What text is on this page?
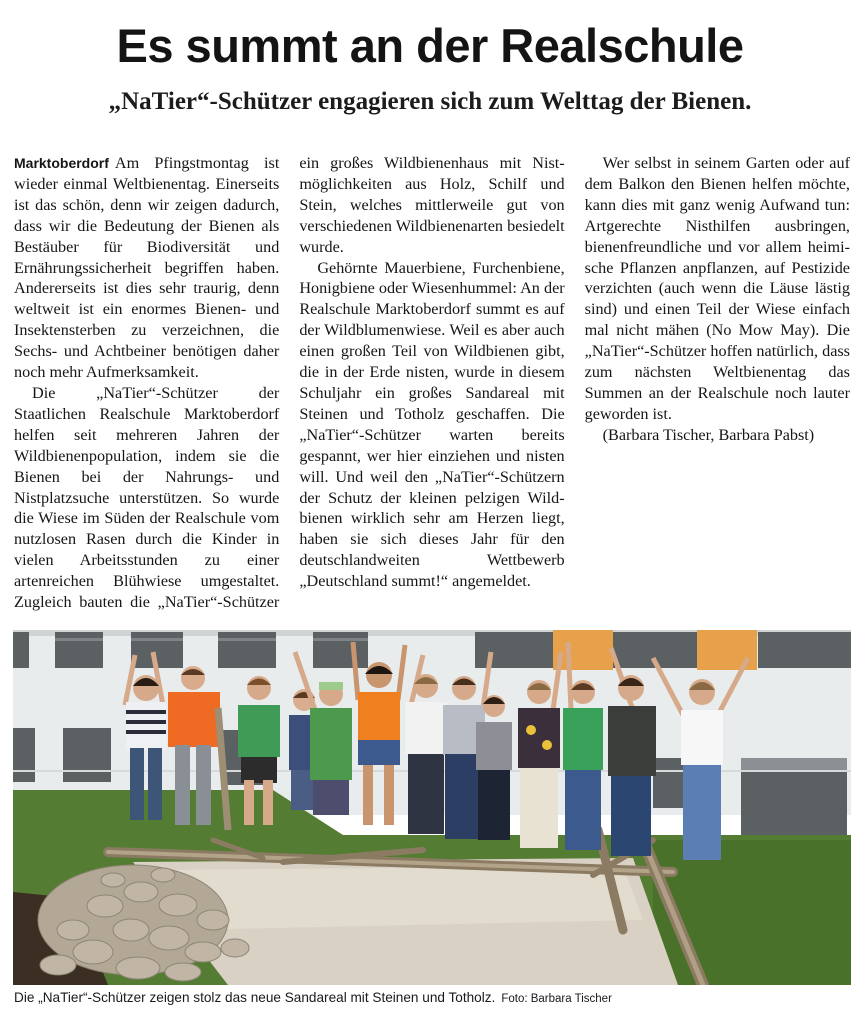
Es summt an der Realschule
„NaTier“-Schützer engagieren sich zum Welttag der Bienen.

Marktoberdorf Am Pfingstmontag ist wieder einmal Weltbienentag. Einerseits ist das schön, denn wir zeigen dadurch, dass wir die Bedeutung der Bienen als Bestäuber für Biodiversität und Ernährungssicherheit begriffen haben. Andererseits ist dies sehr traurig, denn weltweit ist ein enormes Bienen- und Insektensterben zu verzeichnen, die Sechs- und Achtbeiner benötigen daher noch mehr Aufmerksamkeit.

Die „NaTier“-Schützer der Staatlichen Realschule Marktoberdorf helfen seit mehreren Jahren der Wildbienenpopulation, indem sie die Bienen bei der Nahrungs- und Nistplatzsuche unterstützen. So wurde die Wiese im Süden der Realschule vom nutzlosen Rasen durch die Kinder in vielen Arbeitsstunden zu einer artenreichen Blühwiese umgestaltet. Zugleich bauten die „NaTier“-Schützer ein großes Wildbienenhaus mit Nistmöglichkeiten aus Holz, Schilf und Stein, welches mittlerweile gut von verschiedenen Wildbienenarten besiedelt wurde.

Gehörnte Mauerbiene, Furchenbiene, Honigbiene oder Wiesenhummel: An der Realschule Marktoberdorf summt es auf der Wildblumenwiese. Weil es aber auch einen großen Teil von Wildbienen gibt, die in der Erde nisten, wurde in diesem Schuljahr ein großes Sandareal mit Steinen und Totholz geschaffen. Die „NaTier“-Schützer warten bereits gespannt, wer hier einziehen und nisten will. Und weil den „NaTier“-Schützern der Schutz der kleinen pelzigen Wildbienen wirklich sehr am Herzen liegt, haben sie sich dieses Jahr für den deutschlandweiten Wettbewerb „Deutschland summt!“ angemeldet.

Wer selbst in seinem Garten oder auf dem Balkon den Bienen helfen möchte, kann dies mit ganz wenig Aufwand tun: Artgerechte Nisthilfen ausbringen, bienenfreundliche und vor allem heimische Pflanzen anpflanzen, auf Pestizide verzichten (auch wenn die Läuse lästig sind) und einen Teil der Wiese einfach mal nicht mähen (No Mow May). Die „NaTier“-Schützer hoffen natürlich, dass zum nächsten Weltbienentag das Summen an der Realschule noch lauter geworden ist.

(Barbara Tischer, Barbara Pabst)

Die „NaTier“-Schützer zeigen stolz das neue Sandareal mit Steinen und Totholz. Foto: Barbara Tischer
